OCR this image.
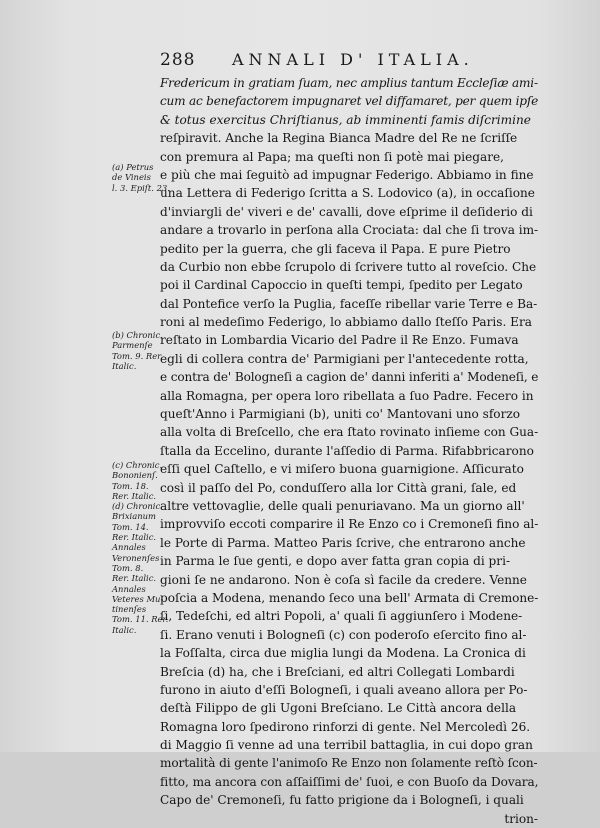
288 ANNALI D' ITALIA.
Fredericum in gratiam ſuam, nec amplius tantum Eccleſiæ ami-
cum ac benefactorem impugnaret vel diffamaret, per quem ipſe
& totus exercitus Chriſtianus, ab imminenti famis diſcrimine
reſpiravit. Anche la Regina Bianca Madre del Re ne ſcriſſe
con premura al Papa; ma queſti non ſi potè mai piegare,
e più che mai ſeguitò ad impugnar Federigo. Abbiamo in fine
una Lettera di Federigo ſcritta a S. Lodovico (a), in occaſione
d'inviargli de' viveri e de' cavalli, dove eſprime il deſiderio di
andare a trovarlo in perſona alla Crociata: dal che ſi trova im-
pedito per la guerra, che gli faceva il Papa. E pure Pietro
da Curbio non ebbe ſcrupolo di ſcrivere tutto al roveſcio. Che
poi il Cardinal Capoccio in queſti tempi, ſpedito per Legato
dal Pontefice verſo la Puglia, faceſſe ribellar varie Terre e Ba-
roni al medeſimo Federigo, lo abbiamo dallo ſteſſo Paris. Era
reſtato in Lombardia Vicario del Padre il Re Enzo. Fumava
egli di collera contra de' Parmigiani per l'antecedente rotta,
e contra de' Bologneſi a cagion de' danni inferiti a' Modeneſi, e
alla Romagna, per opera loro ribellata a ſuo Padre. Fecero in
queſt'Anno i Parmigiani (b), uniti co' Mantovani uno sforzo
alla volta di Breſcello, che era ſtato rovinato inſieme con Gua-
ſtalla da Eccelino, durante l'aſſedio di Parma. Rifabbricarono
eſſi quel Caſtello, e vi miſero buona guarnigione. Aſſicurato
così il paſſo del Po, conduſſero alla lor Città grani, ſale, ed
altre vettovaglie, delle quali penuriavano. Ma un giorno all'
improvviſo eccoti comparire il Re Enzo co i Cremoneſi fino al-
le Porte di Parma. Matteo Paris ſcrive, che entrarono anche
in Parma le ſue genti, e dopo aver fatta gran copia di pri-
gioni ſe ne andarono. Non è coſa sì facile da credere. Venne
poſcia a Modena, menando ſeco una bell' Armata di Cremone-
ſi, Tedeſchi, ed altri Popoli, a' quali ſi aggiunſero i Modene-
ſi. Erano venuti i Bologneſi (c) con poderoſo eſercito fino al-
la Foſſalta, circa due miglia lungi da Modena. La Cronica di
Breſcia (d) ha, che i Breſciani, ed altri Collegati Lombardi
furono in aiuto d'eſſi Bologneſi, i quali aveano allora per Po-
deſtà Filippo de gli Ugoni Breſciano. Le Città ancora della
Romagna loro ſpedirono rinforzi di gente. Nel Mercoledì 26.
di Maggio ſi venne ad una terribil battaglia, in cui dopo gran
mortalità di gente l'animoſo Re Enzo non ſolamente reſtò ſcon-
fitto, ma ancora con aſſaiſſimi de' ſuoi, e con Buoſo da Dovara,
Capo de' Cremoneſi, fu fatto prigione da i Bologneſi, i quali
trion-
(a) Petrus
de Vineis
l. 3. Epiſt. 23.
(b) Chronic.
Parmenſe
Tom. 9. Rer.
Italic.
(c) Chronic.
Bononienſ.
Tom. 18.
Rer. Italic.
(d) Chronic.
Brixianum
Tom. 14.
Rer. Italic.
Annales
Veronenſes
Tom. 8.
Rer. Italic.
Annales
Veteres Mu-
tinenſes
Tom. 11. Rer.
Italic.
